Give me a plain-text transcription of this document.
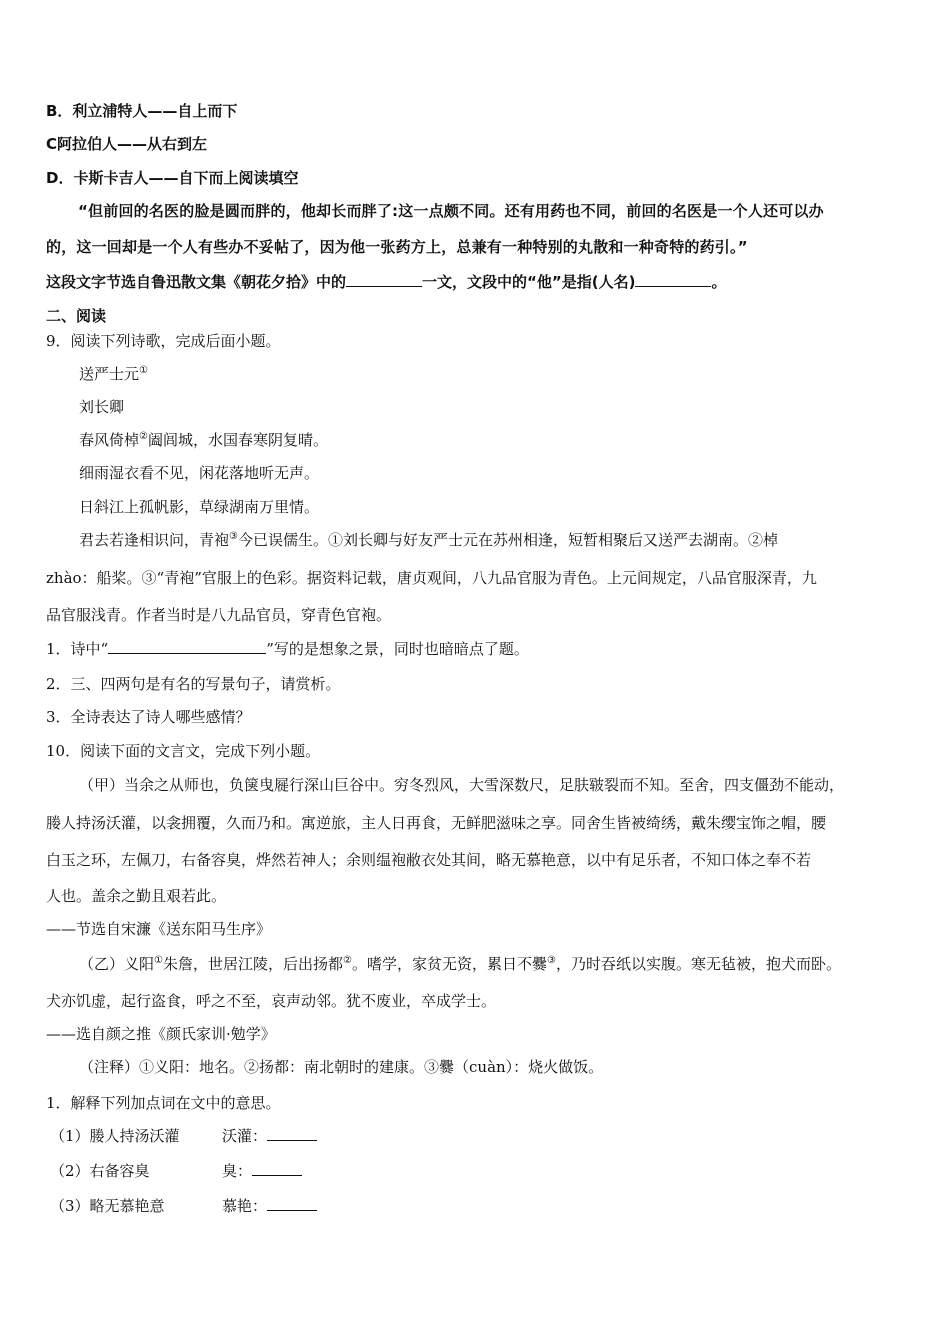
B．利立浦特人——自上而下
C阿拉伯人——从右到左
D．卡斯卡吉人——自下而上阅读填空
“但前回的名医的脸是圆而胖的，他却长而胖了:这一点颇不同。还有用药也不同，前回的名医是一个人还可以办
的，这一回却是一个人有些办不妥帖了，因为他一张药方上，总兼有一种特别的丸散和一种奇特的药引。”
这段文字节选自鲁迅散文集《朝花夕拾》中的	一文，文段中的“他”是指(人名)	。
二、阅读
9．阅读下列诗歌，完成后面小题。
送严士元①
刘长卿
春风倚棹②阖闾城，水国春寒阴复晴。
细雨湿衣看不见，闲花落地听无声。
日斜江上孤帆影，草绿湖南万里情。
君去若逢相识问，青袍③今已误儒生。①刘长卿与好友严士元在苏州相逢，短暂相聚后又送严去湖南。②棹
zhào：船桨。③“青袍”官服上的色彩。据资料记载，唐贞观间，八九品官服为青色。上元间规定，八品官服深青，九
品官服浅青。作者当时是八九品官员，穿青色官袍。
1．诗中“	”写的是想象之景，同时也暗暗点了题。
2．三、四两句是有名的写景句子，请赏析。
3．全诗表达了诗人哪些感情？
10．阅读下面的文言文，完成下列小题。
（甲）当余之从师也，负箧曳屣行深山巨谷中。穷冬烈风，大雪深数尺，足肤皲裂而不知。至舍，四支僵劲不能动，
媵人持汤沃灌，以衾拥覆，久而乃和。寓逆旅，主人日再食，无鲜肥滋味之享。同舍生皆被绮绣，戴朱缨宝饰之帽，腰
白玉之环，左佩刀，右备容臭，烨然若神人；余则缊袍敝衣处其间，略无慕艳意，以中有足乐者，不知口体之奉不若
人也。盖余之勤且艰若此。
——节选自宋濂《送东阳马生序》
（乙）义阳①朱詹，世居江陵，后出扬都②。嗜学，家贫无资，累日不爨③，乃时吞纸以实腹。寒无毡被，抱犬而卧。
犬亦饥虚，起行盗食，呼之不至，哀声动邻。犹不废业，卒成学士。
——选自颜之推《颜氏家训·勉学》
（注释）①义阳：地名。②扬都：南北朝时的建康。③爨（cuàn）：烧火做饭。
1．解释下列加点词在文中的意思。
（1）媵人持汤沃灌	沃灌：
（2）右备容臭	臭：
（3）略无慕艳意	慕艳：
